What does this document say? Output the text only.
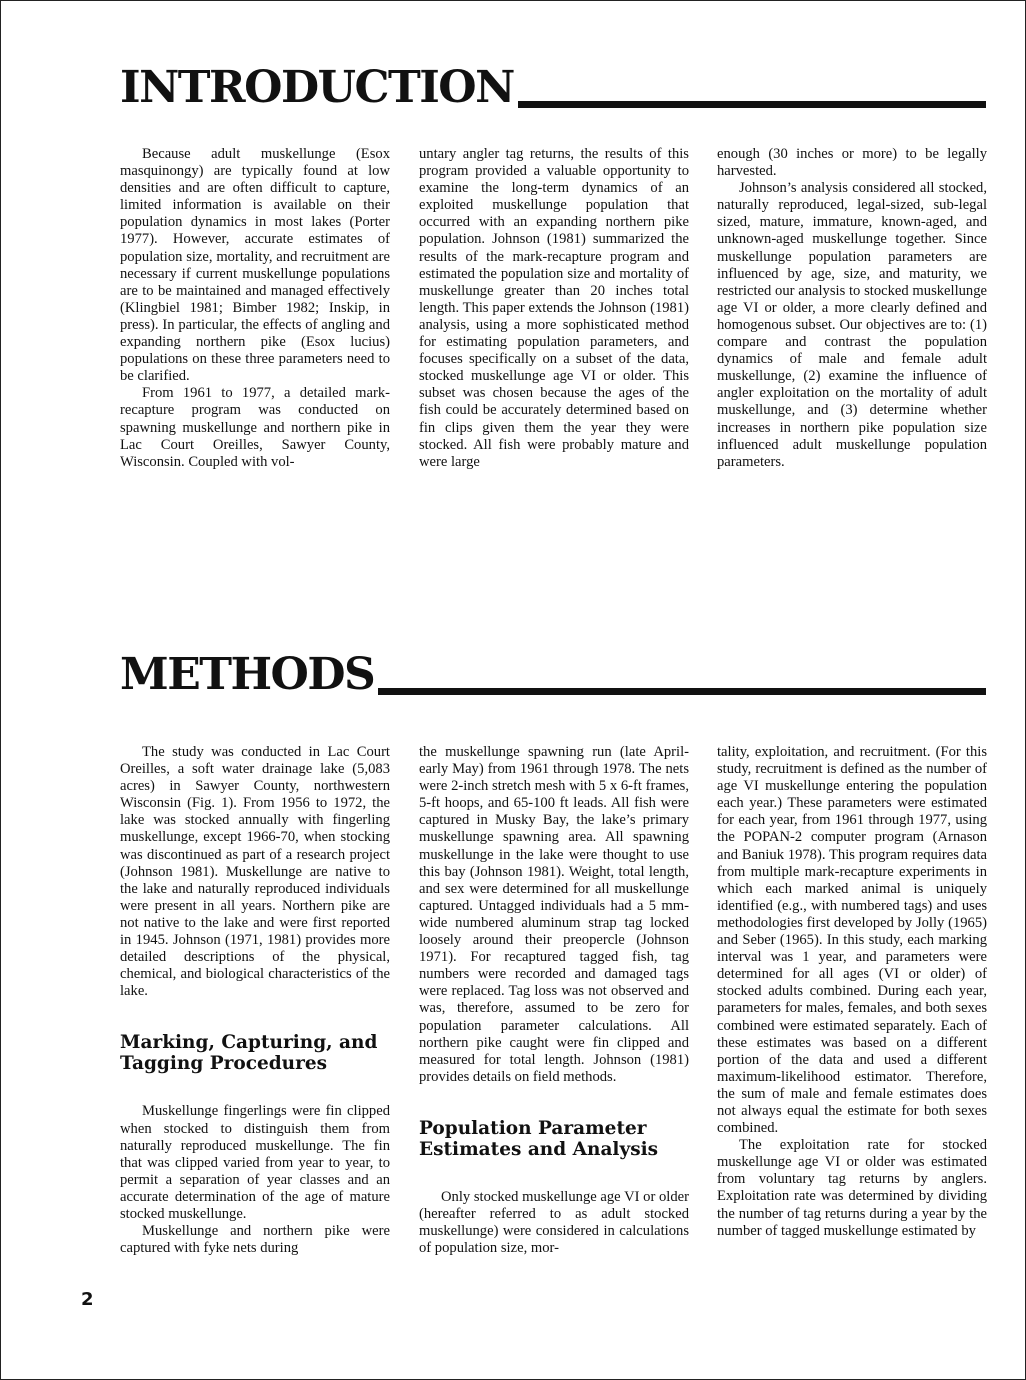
INTRODUCTION

Because adult muskellunge (Esox masquinongy) are typically found at low densities and are often difficult to capture, limited information is available on their population dynamics in most lakes (Porter 1977). However, accurate estimates of population size, mortality, and recruitment are necessary if current muskellunge populations are to be maintained and managed effectively (Klingbiel 1981; Bimber 1982; Inskip, in press). In particular, the effects of angling and expanding northern pike (Esox lucius) populations on these three parameters need to be clarified.

From 1961 to 1977, a detailed mark-recapture program was conducted on spawning muskellunge and northern pike in Lac Court Oreilles, Sawyer County, Wisconsin. Coupled with vol-

untary angler tag returns, the results of this program provided a valuable opportunity to examine the long-term dynamics of an exploited muskellunge population that occurred with an expanding northern pike population. Johnson (1981) summarized the results of the mark-recapture program and estimated the population size and mortality of muskellunge greater than 20 inches total length. This paper extends the Johnson (1981) analysis, using a more sophisticated method for estimating population parameters, and focuses specifically on a subset of the data, stocked muskellunge age VI or older. This subset was chosen because the ages of the fish could be accurately determined based on fin clips given them the year they were stocked. All fish were probably mature and were large

enough (30 inches or more) to be legally harvested.

Johnson’s analysis considered all stocked, naturally reproduced, legal-sized, sub-legal sized, mature, immature, known-aged, and unknown-aged muskellunge together. Since muskellunge population parameters are influenced by age, size, and maturity, we restricted our analysis to stocked muskellunge age VI or older, a more clearly defined and homogenous subset. Our objectives are to: (1) compare and contrast the population dynamics of male and female adult muskellunge, (2) examine the influence of angler exploitation on the mortality of adult muskellunge, and (3) determine whether increases in northern pike population size influenced adult muskellunge population parameters.

METHODS

The study was conducted in Lac Court Oreilles, a soft water drainage lake (5,083 acres) in Sawyer County, northwestern Wisconsin (Fig. 1). From 1956 to 1972, the lake was stocked annually with fingerling muskellunge, except 1966-70, when stocking was discontinued as part of a research project (Johnson 1981). Muskellunge are native to the lake and naturally reproduced individuals were present in all years. Northern pike are not native to the lake and were first reported in 1945. Johnson (1971, 1981) provides more detailed descriptions of the physical, chemical, and biological characteristics of the lake.

Marking, Capturing, and Tagging Procedures

Muskellunge fingerlings were fin clipped when stocked to distinguish them from naturally reproduced muskellunge. The fin that was clipped varied from year to year, to permit a separation of year classes and an accurate determination of the age of mature stocked muskellunge.

Muskellunge and northern pike were captured with fyke nets during

the muskellunge spawning run (late April-early May) from 1961 through 1978. The nets were 2-inch stretch mesh with 5 x 6-ft frames, 5-ft hoops, and 65-100 ft leads. All fish were captured in Musky Bay, the lake’s primary muskellunge spawning area. All spawning muskellunge in the lake were thought to use this bay (Johnson 1981). Weight, total length, and sex were determined for all muskellunge captured. Untagged individuals had a 5 mm-wide numbered aluminum strap tag locked loosely around their preopercle (Johnson 1971). For recaptured tagged fish, tag numbers were recorded and damaged tags were replaced. Tag loss was not observed and was, therefore, assumed to be zero for population parameter calculations. All northern pike caught were fin clipped and measured for total length. Johnson (1981) provides details on field methods.

Population Parameter Estimates and Analysis

Only stocked muskellunge age VI or older (hereafter referred to as adult stocked muskellunge) were considered in calculations of population size, mor-

tality, exploitation, and recruitment. (For this study, recruitment is defined as the number of age VI muskellunge entering the population each year.) These parameters were estimated for each year, from 1961 through 1977, using the POPAN-2 computer program (Arnason and Baniuk 1978). This program requires data from multiple mark-recapture experiments in which each marked animal is uniquely identified (e.g., with numbered tags) and uses methodologies first developed by Jolly (1965) and Seber (1965). In this study, each marking interval was 1 year, and parameters were determined for all ages (VI or older) of stocked adults combined. During each year, parameters for males, females, and both sexes combined were estimated separately. Each of these estimates was based on a different portion of the data and used a different maximum-likelihood estimator. Therefore, the sum of male and female estimates does not always equal the estimate for both sexes combined.

The exploitation rate for stocked muskellunge age VI or older was estimated from voluntary tag returns by anglers. Exploitation rate was determined by dividing the number of tag returns during a year by the number of tagged muskellunge estimated by

2
